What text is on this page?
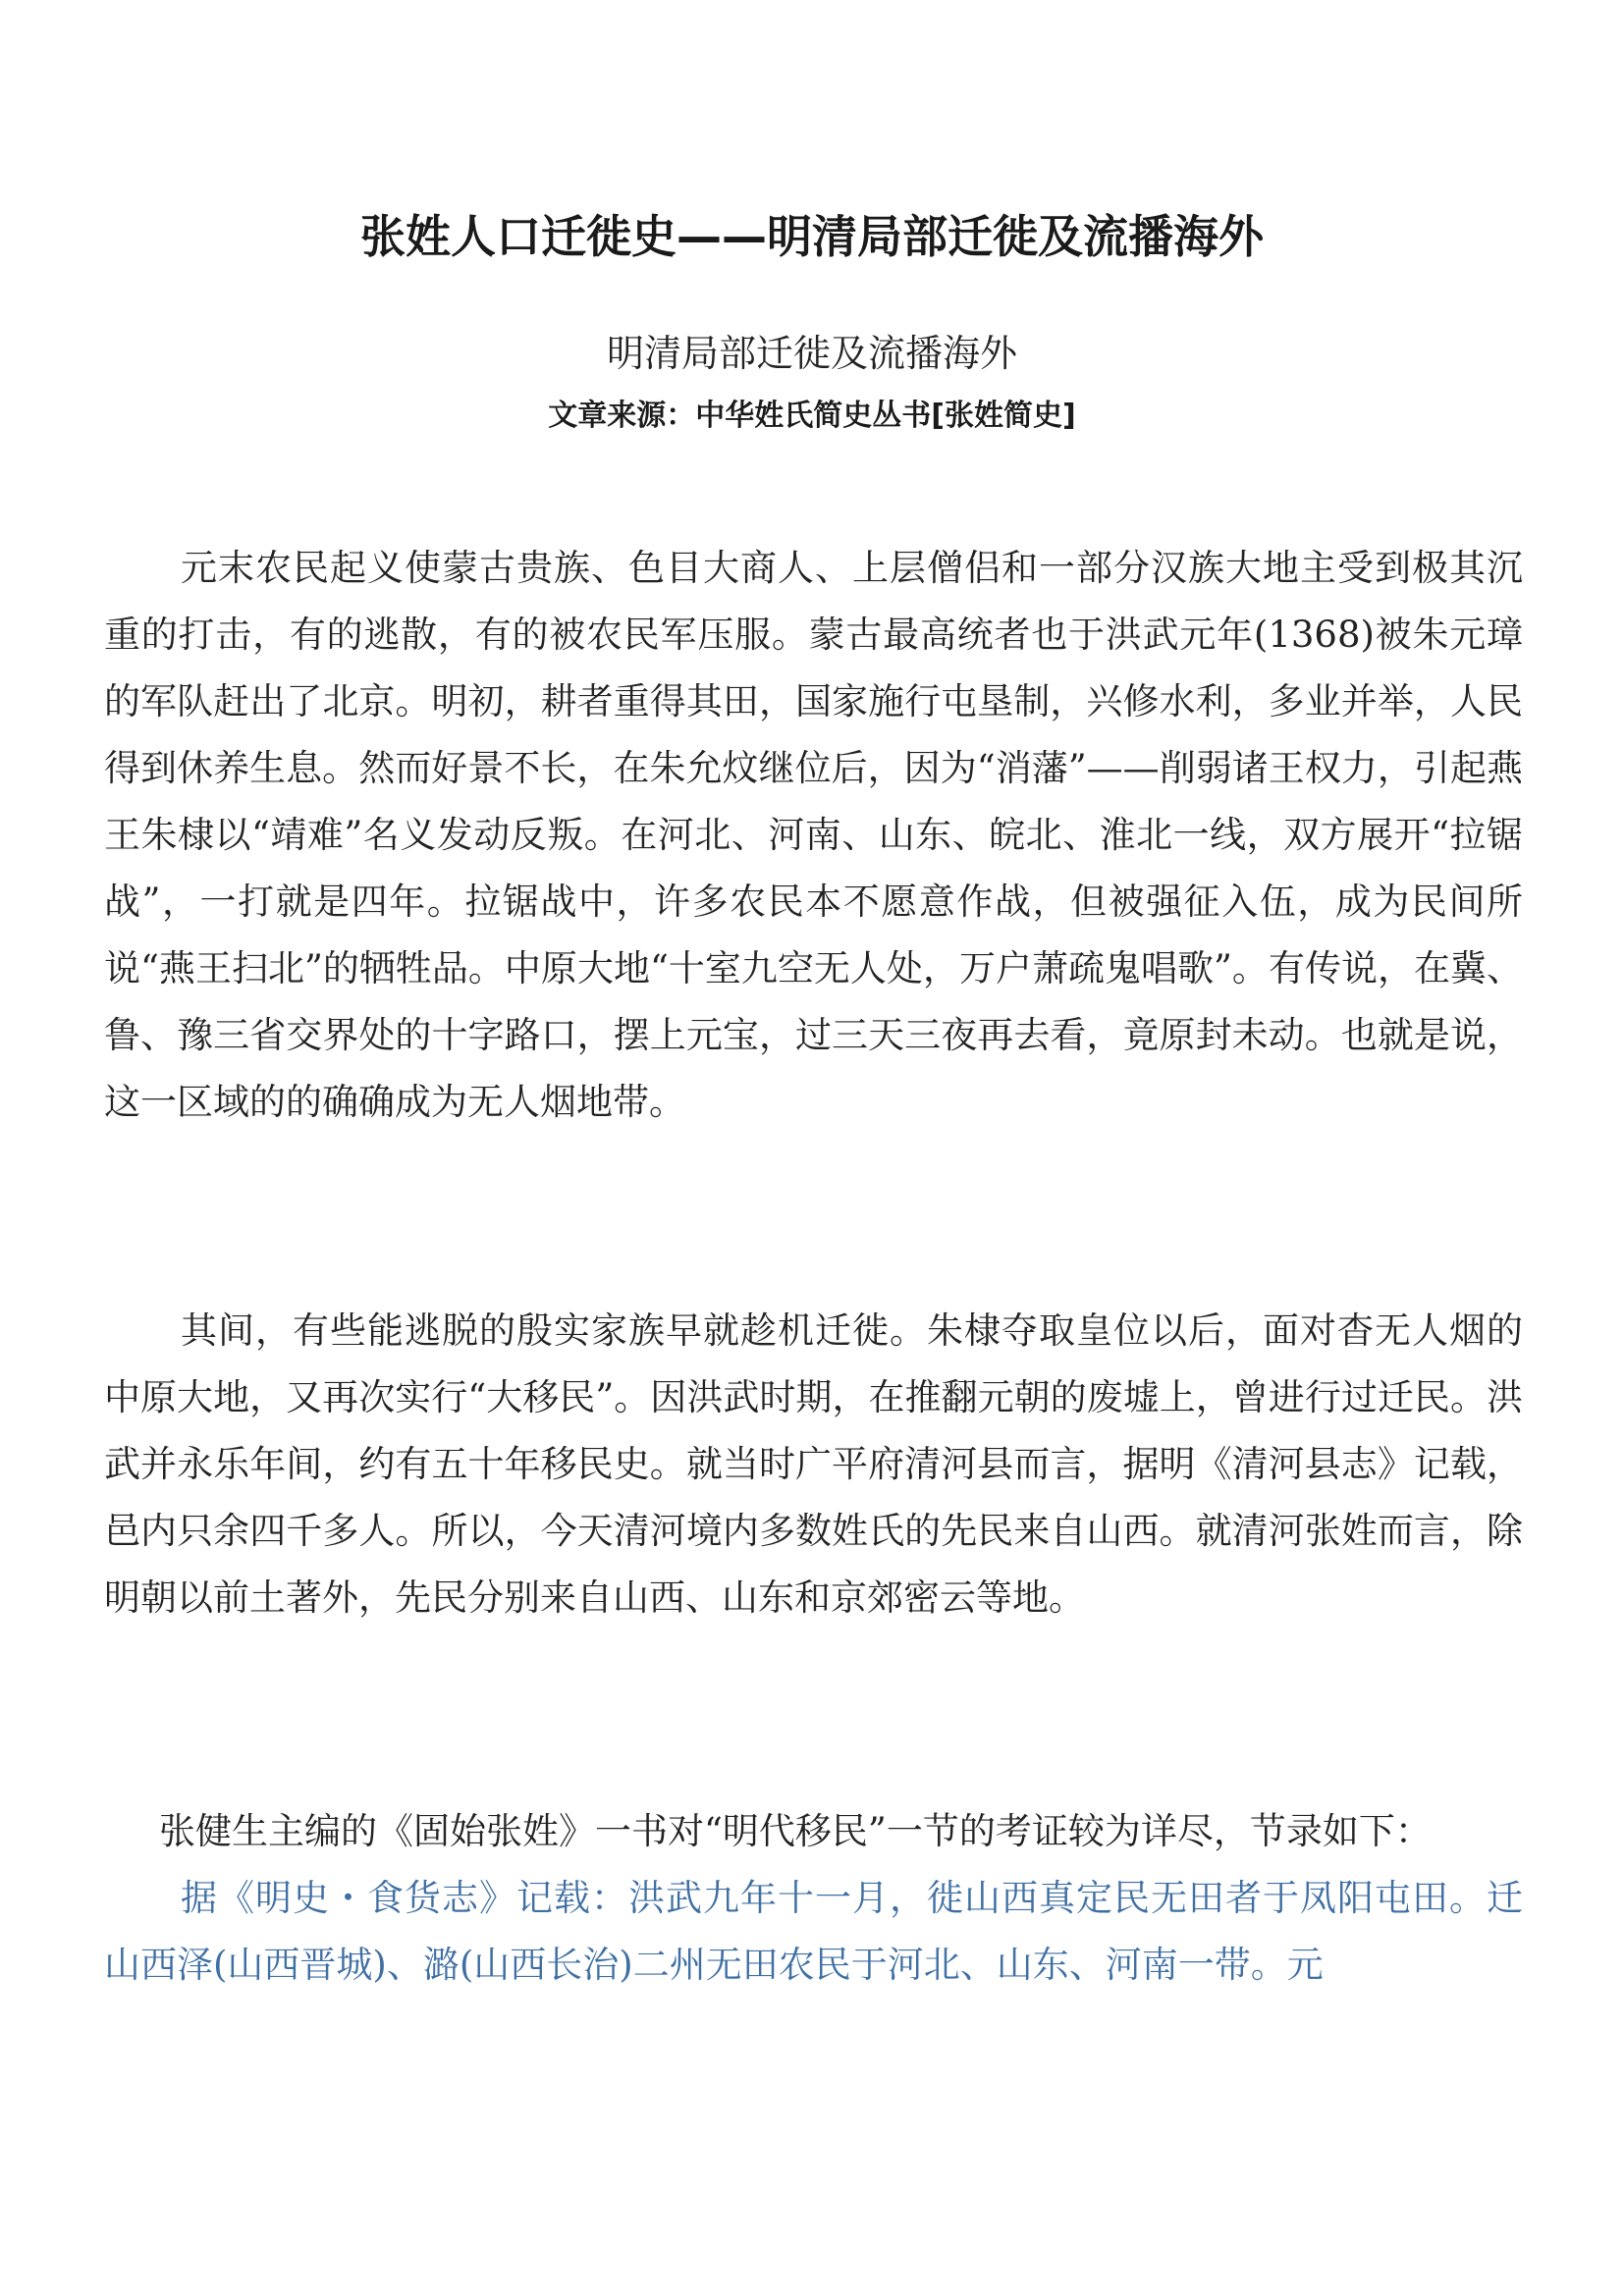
张姓人口迁徙史——明清局部迁徙及流播海外
明清局部迁徙及流播海外
文章来源：中华姓氏简史丛书[张姓简史]

元末农民起义使蒙古贵族、色目大商人、上层僧侣和一部分汉族大地主受到极其沉重的打击，有的逃散，有的被农民军压服。蒙古最高统者也于洪武元年(1368)被朱元璋的军队赶出了北京。明初，耕者重得其田，国家施行屯垦制，兴修水利，多业并举，人民得到休养生息。然而好景不长，在朱允炆继位后，因为“消藩”——削弱诸王权力，引起燕王朱棣以“靖难”名义发动反叛。在河北、河南、山东、皖北、淮北一线，双方展开“拉锯战”，一打就是四年。拉锯战中，许多农民本不愿意作战，但被强征入伍，成为民间所说“燕王扫北”的牺牲品。中原大地“十室九空无人处，万户萧疏鬼唱歌”。有传说，在冀、鲁、豫三省交界处的十字路口，摆上元宝，过三天三夜再去看，竟原封未动。也就是说，这一区域的的确确成为无人烟地带。

其间，有些能逃脱的殷实家族早就趁机迁徙。朱棣夺取皇位以后，面对杳无人烟的中原大地，又再次实行“大移民”。因洪武时期，在推翻元朝的废墟上，曾进行过迁民。洪武并永乐年间，约有五十年移民史。就当时广平府清河县而言，据明《清河县志》记载，邑内只余四千多人。所以，今天清河境内多数姓氏的先民来自山西。就清河张姓而言，除明朝以前土著外，先民分别来自山西、山东和京郊密云等地。

张健生主编的《固始张姓》一书对“明代移民”一节的考证较为详尽，节录如下：

据《明史・食货志》记载：洪武九年十一月，徙山西真定民无田者于凤阳屯田。迁山西泽(山西晋城)、潞(山西长治)二州无田农民于河北、山东、河南一带。元
